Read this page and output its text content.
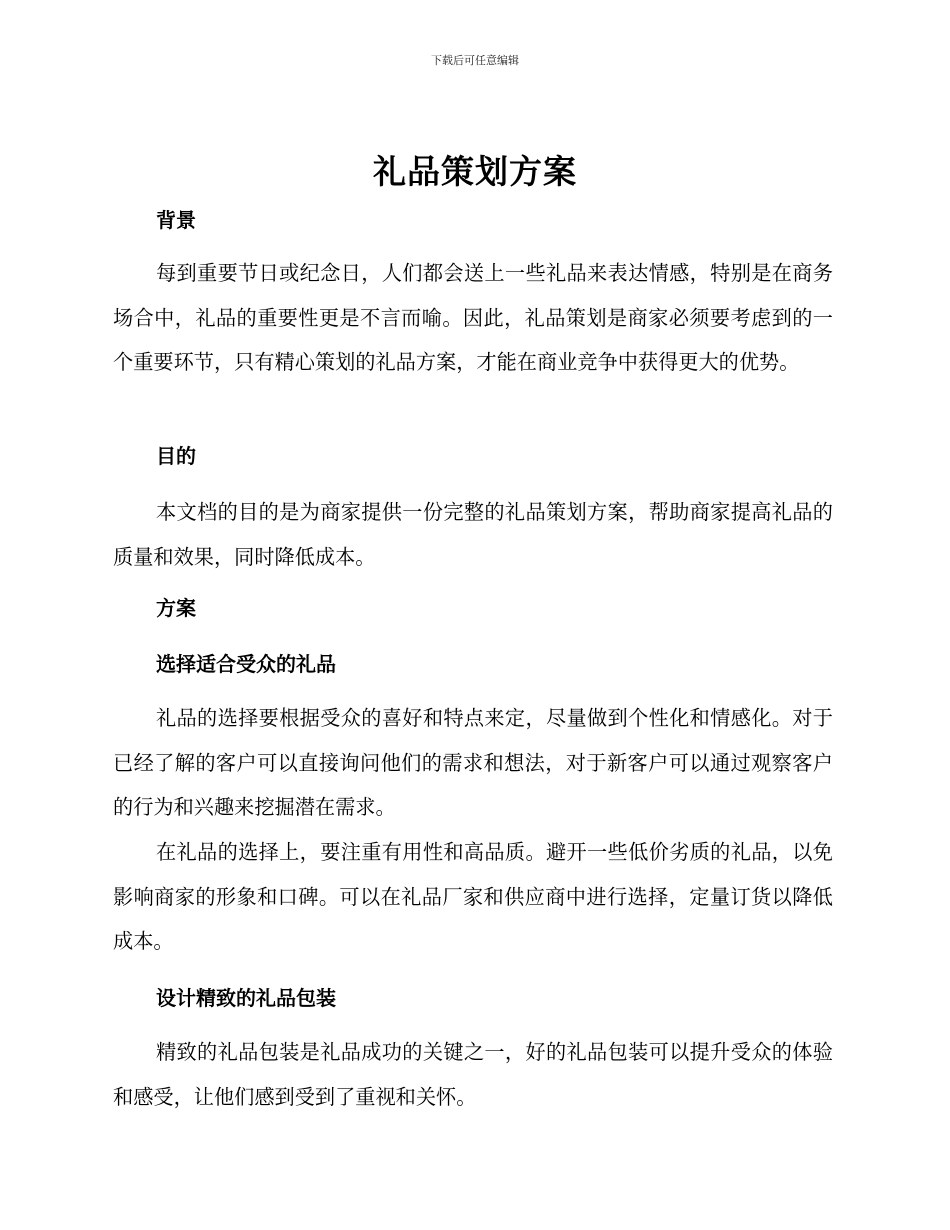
下载后可任意编辑
礼品策划方案
背景

每到重要节日或纪念日，人们都会送上一些礼品来表达情感，特别是在商务场合中，礼品的重要性更是不言而喻。因此，礼品策划是商家必须要考虑到的一个重要环节，只有精心策划的礼品方案，才能在商业竞争中获得更大的优势。

目的

本文档的目的是为商家提供一份完整的礼品策划方案，帮助商家提高礼品的质量和效果，同时降低成本。

方案
选择适合受众的礼品

礼品的选择要根据受众的喜好和特点来定，尽量做到个性化和情感化。对于已经了解的客户可以直接询问他们的需求和想法，对于新客户可以通过观察客户的行为和兴趣来挖掘潜在需求。

在礼品的选择上，要注重有用性和高品质。避开一些低价劣质的礼品，以免影响商家的形象和口碑。可以在礼品厂家和供应商中进行选择，定量订货以降低成本。

设计精致的礼品包装

精致的礼品包装是礼品成功的关键之一，好的礼品包装可以提升受众的体验和感受，让他们感到受到了重视和关怀。
